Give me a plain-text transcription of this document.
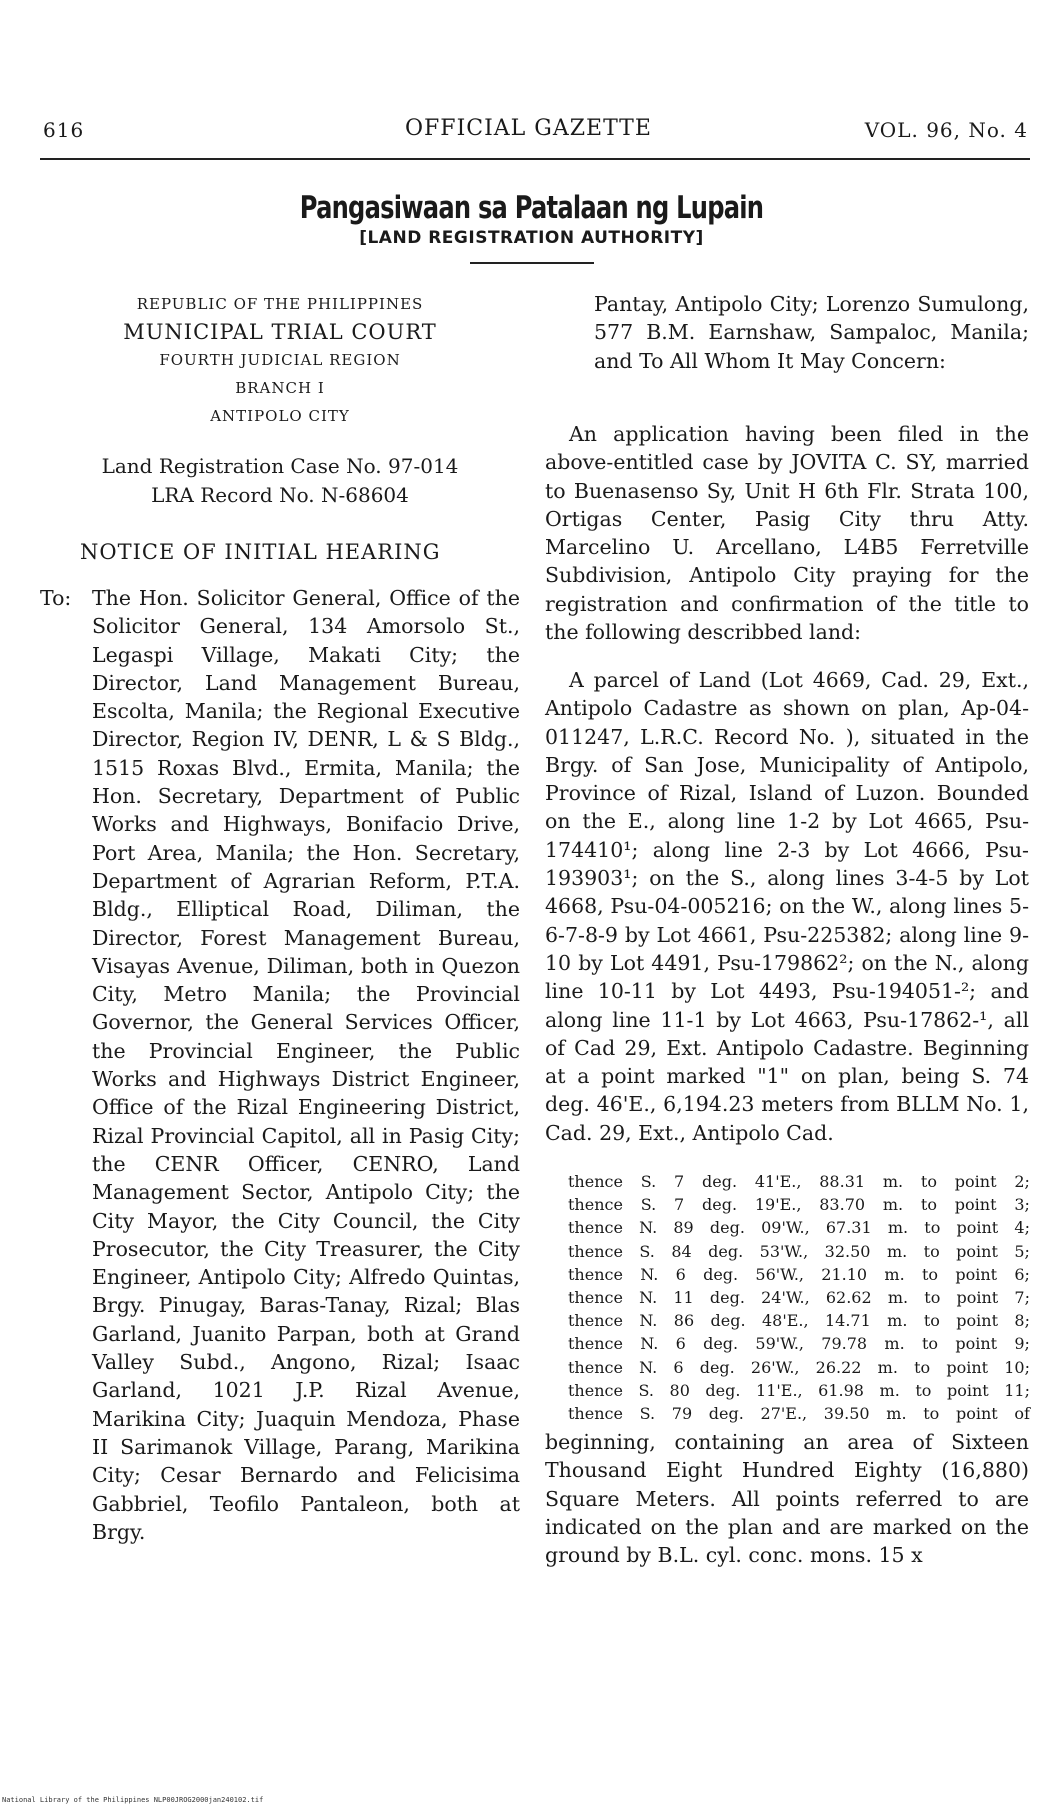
616	OFFICIAL GAZETTE	VOL. 96, No. 4
Pangasiwaan sa Patalaan ng Lupain
[LAND REGISTRATION AUTHORITY]
REPUBLIC OF THE PHILIPPINES
MUNICIPAL TRIAL COURT
FOURTH JUDICIAL REGION
BRANCH I
ANTIPOLO CITY
Land Registration Case No. 97-014
LRA Record No. N-68604
NOTICE OF INITIAL HEARING
To:	The Hon. Solicitor General, Office of the Solicitor General, 134 Amorsolo St., Legaspi Village, Makati City; the Director, Land Management Bureau, Escolta, Manila; the Regional Executive Director, Region IV, DENR, L & S Bldg., 1515 Roxas Blvd., Ermita, Manila; the Hon. Secretary, Department of Public Works and Highways, Bonifacio Drive, Port Area, Manila; the Hon. Secretary, Department of Agrarian Reform, P.T.A. Bldg., Elliptical Road, Diliman, the Director, Forest Management Bureau, Visayas Avenue, Diliman, both in Quezon City, Metro Manila; the Provincial Governor, the General Services Officer, the Provincial Engineer, the Public Works and Highways District Engineer, Office of the Rizal Engineering District, Rizal Provincial Capitol, all in Pasig City; the CENR Officer, CENRO, Land Management Sector, Antipolo City; the City Mayor, the City Council, the City Prosecutor, the City Treasurer, the City Engineer, Antipolo City; Alfredo Quintas, Brgy. Pinugay, Baras-Tanay, Rizal; Blas Garland, Juanito Parpan, both at Grand Valley Subd., Angono, Rizal; Isaac Garland, 1021 J.P. Rizal Avenue, Marikina City; Juaquin Mendoza, Phase II Sarimanok Village, Parang, Marikina City; Cesar Bernardo and Felicisima Gabbriel, Teofilo Pantaleon, both at Brgy.
Pantay, Antipolo City; Lorenzo Sumulong, 577 B.M. Earnshaw, Sampaloc, Manila; and To All Whom It May Concern:
An application having been filed in the above-entitled case by JOVITA C. SY, married to Buenasenso Sy, Unit H 6th Flr. Strata 100, Ortigas Center, Pasig City thru Atty. Marcelino U. Arcellano, L4B5 Ferretville Subdivision, Antipolo City praying for the registration and confirmation of the title to the following describbed land:
A parcel of Land (Lot 4669, Cad. 29, Ext., Antipolo Cadastre as shown on plan, Ap-04-011247, L.R.C. Record No. ), situated in the Brgy. of San Jose, Municipality of Antipolo, Province of Rizal, Island of Luzon. Bounded on the E., along line 1-2 by Lot 4665, Psu-174410¹; along line 2-3 by Lot 4666, Psu-193903¹; on the S., along lines 3-4-5 by Lot 4668, Psu-04-005216; on the W., along lines 5-6-7-8-9 by Lot 4661, Psu-225382; along line 9-10 by Lot 4491, Psu-179862²; on the N., along line 10-11 by Lot 4493, Psu-194051-²; and along line 11-1 by Lot 4663, Psu-17862-¹, all of Cad 29, Ext. Antipolo Cadastre. Beginning at a point marked "1" on plan, being S. 74 deg. 46'E., 6,194.23 meters from BLLM No. 1, Cad. 29, Ext., Antipolo Cad.
thence S. 7 deg. 41'E., 88.31 m. to point 2;
thence S. 7 deg. 19'E., 83.70 m. to point 3;
thence N. 89 deg. 09'W., 67.31 m. to point 4;
thence S. 84 deg. 53'W., 32.50 m. to point 5;
thence N. 6 deg. 56'W., 21.10 m. to point 6;
thence N. 11 deg. 24'W., 62.62 m. to point 7;
thence N. 86 deg. 48'E., 14.71 m. to point 8;
thence N. 6 deg. 59'W., 79.78 m. to point 9;
thence N. 6 deg. 26'W., 26.22 m. to point 10;
thence S. 80 deg. 11'E., 61.98 m. to point 11;
thence S. 79 deg. 27'E., 39.50 m. to point of
beginning, containing an area of Sixteen Thousand Eight Hundred Eighty (16,880) Square Meters. All points referred to are indicated on the plan and are marked on the ground by B.L. cyl. conc. mons. 15 x
National Library of the Philippines NLP00JROG2000jan240102.tif
